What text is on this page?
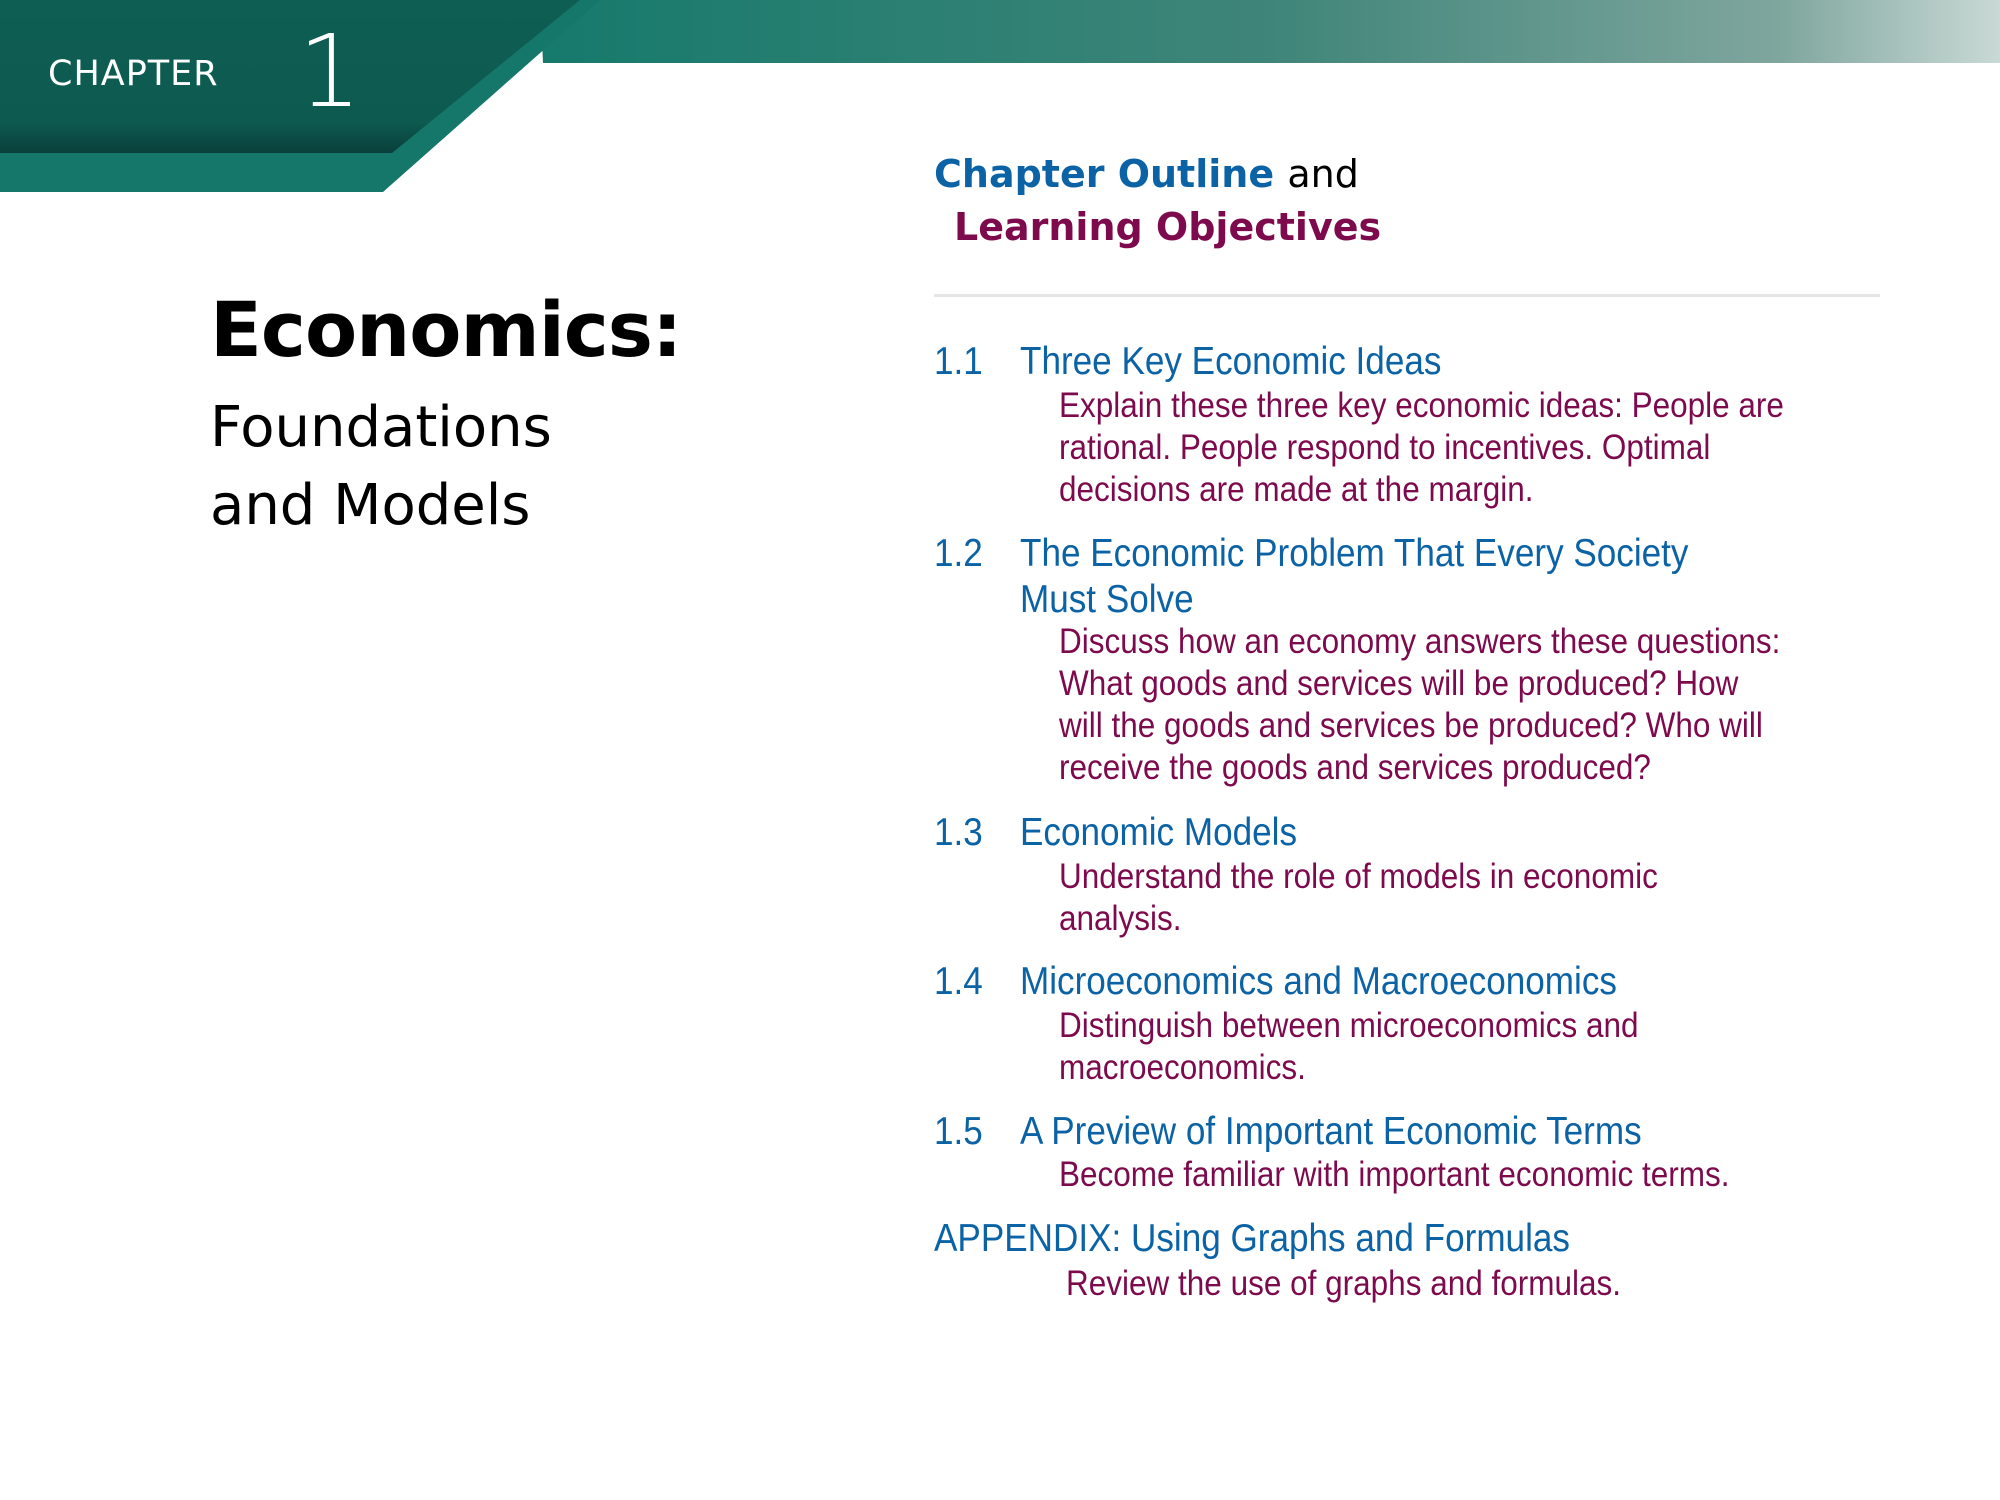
CHAPTER 1
Economics:
Foundations
and Models
Chapter Outline and
Learning Objectives
1.1 Three Key Economic Ideas
Explain these three key economic ideas: People are
rational. People respond to incentives. Optimal
decisions are made at the margin.
1.2 The Economic Problem That Every Society
Must Solve
Discuss how an economy answers these questions:
What goods and services will be produced? How
will the goods and services be produced? Who will
receive the goods and services produced?
1.3 Economic Models
Understand the role of models in economic
analysis.
1.4 Microeconomics and Macroeconomics
Distinguish between microeconomics and
macroeconomics.
1.5 A Preview of Important Economic Terms
Become familiar with important economic terms.
APPENDIX: Using Graphs and Formulas
Review the use of graphs and formulas.
